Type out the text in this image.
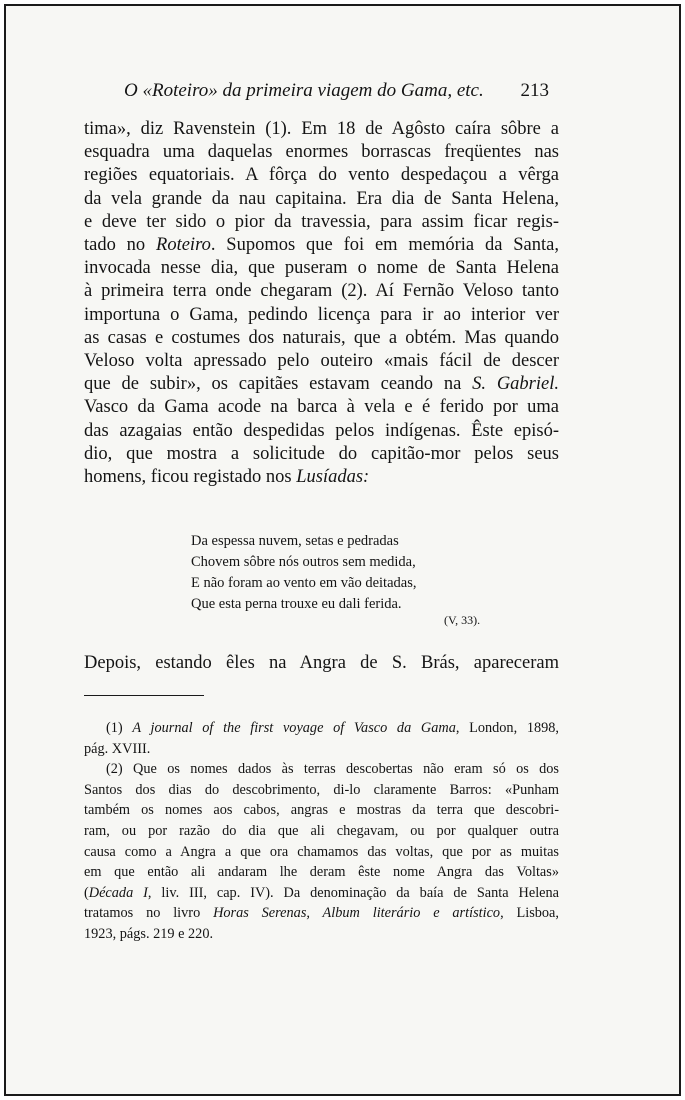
O «Roteiro» da primeira viagem do Gama, etc. 213
tima», diz Ravenstein (1). Em 18 de Agôsto caíra sôbre a
esquadra uma daquelas enormes borrascas freqüentes nas
regiões equatoriais. A fôrça do vento despedaçou a vêrga
da vela grande da nau capitaina. Era dia de Santa Helena,
e deve ter sido o pior da travessia, para assim ficar regis-
tado no Roteiro. Supomos que foi em memória da Santa,
invocada nesse dia, que puseram o nome de Santa Helena
à primeira terra onde chegaram (2). Aí Fernão Veloso tanto
importuna o Gama, pedindo licença para ir ao interior ver
as casas e costumes dos naturais, que a obtém. Mas quando
Veloso volta apressado pelo outeiro «mais fácil de descer
que de subir», os capitães estavam ceando na S. Gabriel.
Vasco da Gama acode na barca à vela e é ferido por uma
das azagaias então despedidas pelos indígenas. Êste episó-
dio, que mostra a solicitude do capitão-mor pelos seus
homens, ficou registado nos Lusíadas:
Da espessa nuvem, setas e pedradas
Chovem sôbre nós outros sem medida,
E não foram ao vento em vão deitadas,
Que esta perna trouxe eu dali ferida.
(V, 33).
Depois, estando êles na Angra de S. Brás, apareceram
(1) A journal of the first voyage of Vasco da Gama, London, 1898,
pág. XVIII.
(2) Que os nomes dados às terras descobertas não eram só os dos
Santos dos dias do descobrimento, di-lo claramente Barros: «Punham
também os nomes aos cabos, angras e mostras da terra que descobri-
ram, ou por razão do dia que ali chegavam, ou por qualquer outra
causa como a Angra a que ora chamamos das voltas, que por as muitas
em que então ali andaram lhe deram êste nome Angra das Voltas»
(Década I, liv. III, cap. IV). Da denominação da baía de Santa Helena
tratamos no livro Horas Serenas, Album literário e artístico, Lisboa,
1923, págs. 219 e 220.
